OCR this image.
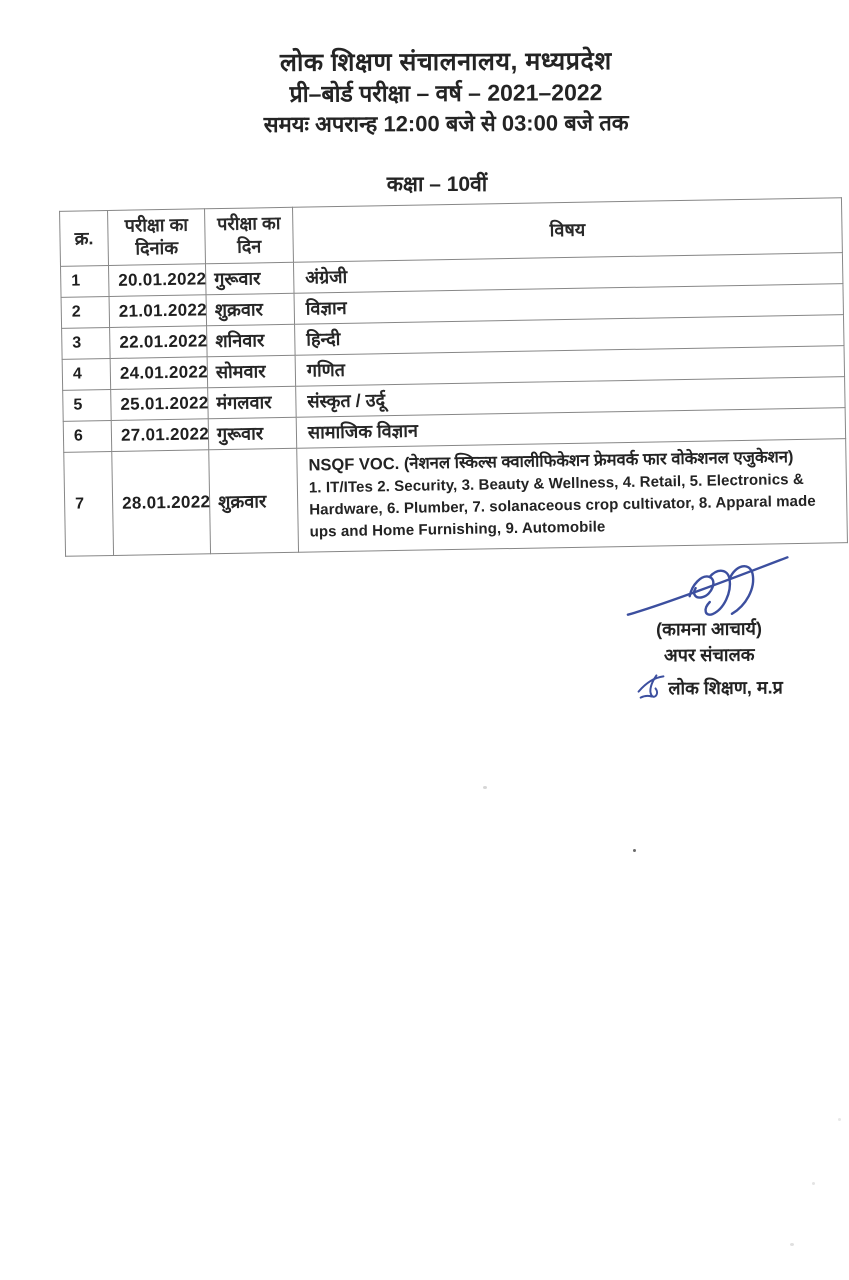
लोक शिक्षण संचालनालय, मध्यप्रदेश
प्री–बोर्ड परीक्षा – वर्ष – 2021–2022
समयः अपरान्ह 12:00 बजे से 03:00 बजे तक
कक्षा – 10वीं
क्र.	परीक्षा का दिनांक	परीक्षा का दिन	विषय
1	20.01.2022	गुरूवार	अंग्रेजी
2	21.01.2022	शुक्रवार	विज्ञान
3	22.01.2022	शनिवार	हिन्दी
4	24.01.2022	सोमवार	गणित
5	25.01.2022	मंगलवार	संस्कृत / उर्दू
6	27.01.2022	गुरूवार	सामाजिक विज्ञान
7	28.01.2022	शुक्रवार	NSQF VOC. (नेशनल स्किल्स क्वालीफिकेशन फ्रेमवर्क फार वोकेशनल एजुकेशन)
1. IT/ITes 2. Security, 3. Beauty & Wellness, 4. Retail, 5. Electronics & Hardware, 6. Plumber, 7. solanaceous crop cultivator, 8. Apparal made ups and Home Furnishing, 9. Automobile
(कामना आचार्य)
अपर संचालक
लोक शिक्षण, म.प्र
